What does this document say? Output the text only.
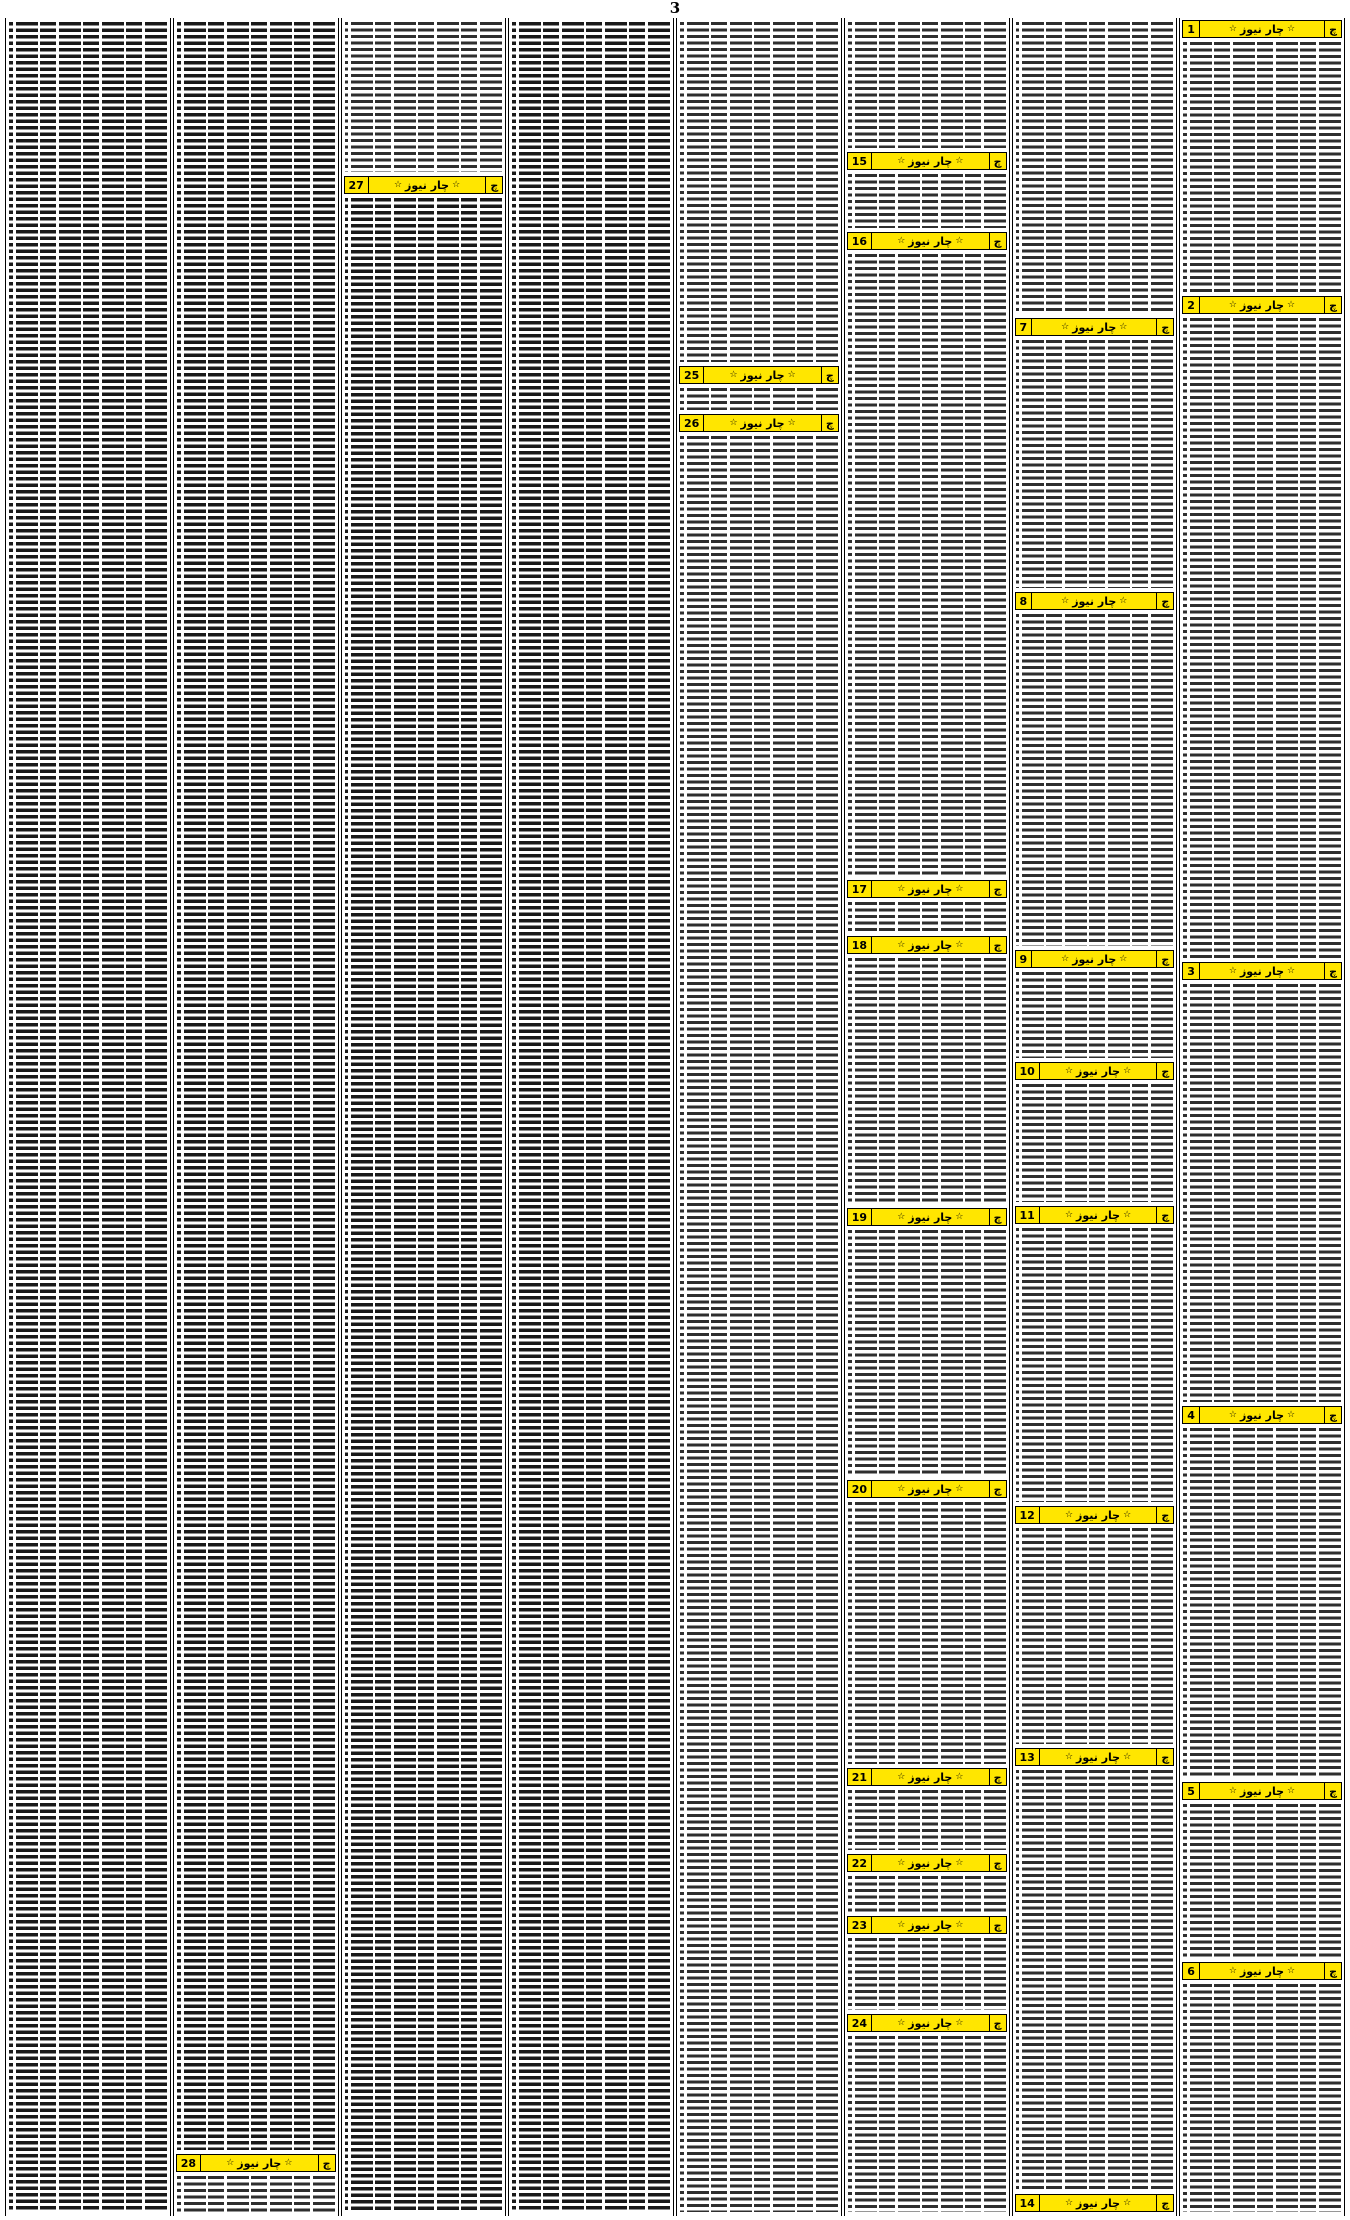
3
چ
☆
چار نیوز
☆
1
چ
☆
چار نیوز
☆
2
چ
☆
چار نیوز
☆
3
چ
☆
چار نیوز
☆
4
چ
☆
چار نیوز
☆
5
چ
☆
چار نیوز
☆
6
چ
☆
چار نیوز
☆
7
چ
☆
چار نیوز
☆
8
چ
☆
چار نیوز
☆
9
چ
☆
چار نیوز
☆
10
چ
☆
چار نیوز
☆
11
چ
☆
چار نیوز
☆
12
چ
☆
چار نیوز
☆
13
چ
☆
چار نیوز
☆
14
چ
☆
چار نیوز
☆
15
چ
☆
چار نیوز
☆
16
چ
☆
چار نیوز
☆
17
چ
☆
چار نیوز
☆
18
چ
☆
چار نیوز
☆
19
چ
☆
چار نیوز
☆
20
چ
☆
چار نیوز
☆
21
چ
☆
چار نیوز
☆
22
چ
☆
چار نیوز
☆
23
چ
☆
چار نیوز
☆
24
چ
☆
چار نیوز
☆
25
چ
☆
چار نیوز
☆
26
چ
☆
چار نیوز
☆
27
چ
☆
چار نیوز
☆
28
